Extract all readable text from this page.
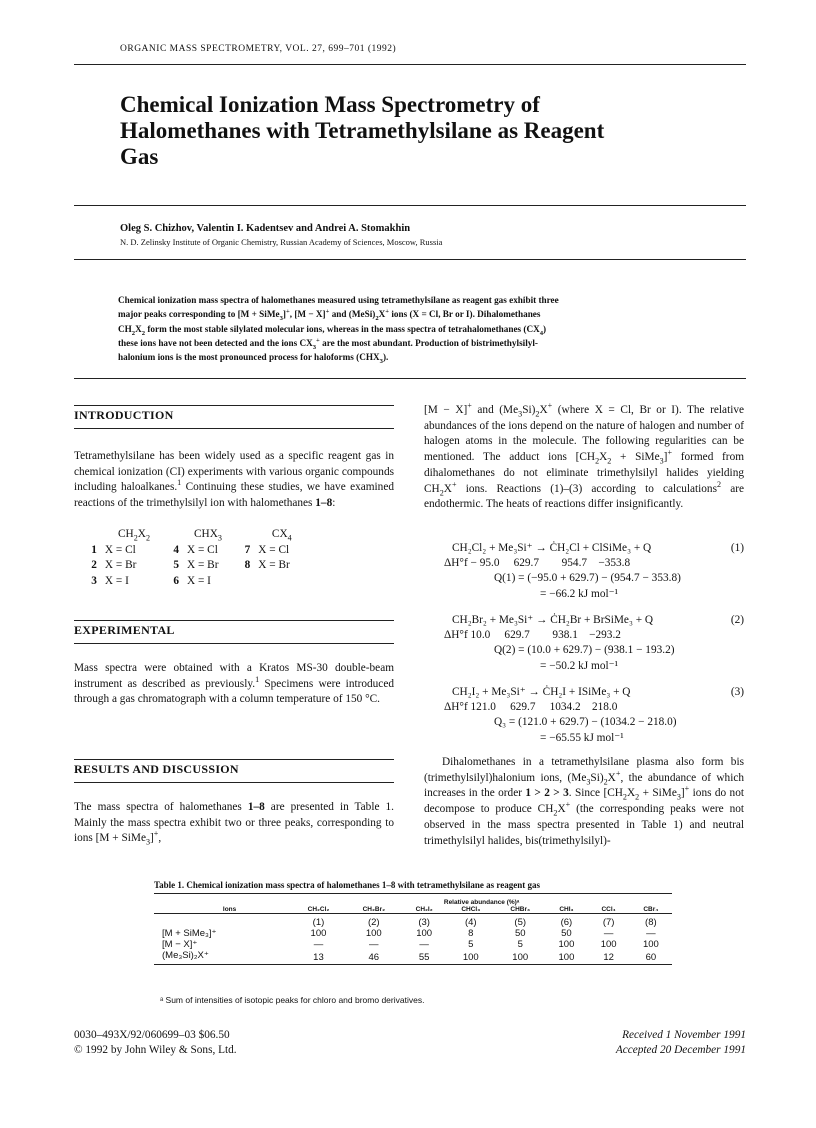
ORGANIC MASS SPECTROMETRY, VOL. 27, 699–701 (1992)
Chemical Ionization Mass Spectrometry of
Halomethanes with Tetramethylsilane as Reagent
Gas
Oleg S. Chizhov, Valentin I. Kadentsev and Andrei A. Stomakhin
N. D. Zelinsky Institute of Organic Chemistry, Russian Academy of Sciences, Moscow, Russia
Chemical ionization mass spectra of halomethanes measured using tetramethylsilane as reagent gas exhibit three
major peaks corresponding to [M + SiMe$_3$]+, [M − X]+ and $(MeSi)_2X^+$ ions (X = Cl, Br or I). Dihalomethanes
$CH_2X_2$ form the most stable silylated molecular ions, whereas in the mass spectra of tetrahalomethanes $(CX_4)$
these ions have not been detected and the ions $CX_3^+$ are the most abundant. Production of bistrimethylsilyl-
halonium ions is the most pronounced process for haloforms $(CHX_3)$.
INTRODUCTION

Tetramethylsilane has been widely used as a specific reagent gas in chemical ionization (CI) experiments with various organic compounds including haloalkanes.$^1$ Continuing these studies, we have examined reactions of the trimethylsilyl ion with halomethanes 1–8:

$CH_2X_2$			$CHX_3$			$CX_4$
1	X = Cl		4	X = Cl		7	X = Cl
2	X = Br		5	X = Br		8	X = Br
3	X = I		6	X = I			
EXPERIMENTAL

Mass spectra were obtained with a Kratos MS-30 double-beam instrument as described as previously.$^1$ Specimens were introduced through a gas chromatograph with a column temperature of 150 °C.

RESULTS AND DISCUSSION

The mass spectra of halomethanes 1–8 are presented in Table 1. Mainly the mass spectra exhibit two or three peaks, corresponding to ions [M + SiMe$_3$]+,

[M − X]+ and $(Me_3Si)_2X^+$ (where X = Cl, Br or I). The relative abundances of the ions depend on the nature of halogen and number of halogen atoms in the molecule. The following regularities can be mentioned. The adduct ions [$CH_2X_2$ + SiMe$_3$]+ formed from dihalomethanes do not eliminate trimethylsilyl halides yielding $CH_2X^+$ ions. Reactions (1)–(3) according to calculations$^2$ are endothermic. The heats of reactions differ insignificantly.

CH₂Cl₂ + Me₃Si⁺ → ĊH₂Cl + ClSiMe₃ + Q	(1)
ΔH°f − 95.0     629.7        954.7    −353.8
Q(1) = (−95.0 + 629.7) − (954.7 − 353.8)
= −66.2 kJ mol⁻¹
CH₂Br₂ + Me₃Si⁺ → ĊH₂Br + BrSiMe₃ + Q	(2)
ΔH°f 10.0     629.7        938.1    −293.2
Q(2) = (10.0 + 629.7) − (938.1 − 193.2)
= −50.2 kJ mol⁻¹
CH₂I₂ + Me₃Si⁺ → ĊH₂I + ISiMe₃ + Q	(3)
ΔH°f 121.0     629.7     1034.2    218.0
Q₃ = (121.0 + 629.7) − (1034.2 − 218.0)
= −65.55 kJ mol⁻¹

Dihalomethanes in a tetramethylsilane plasma also form bis (trimethylsilyl)halonium ions, $(Me_3Si)_2X^+$, the abundance of which increases in the order 1 > 2 > 3. Since [$CH_2X_2$ + SiMe$_3$]+ ions do not decompose to produce $CH_2X^+$ (the corresponding peaks were not observed in the mass spectra presented in Table 1) and neutral trimethylsilyl halides, bis(trimethylsilyl)-

Table 1. Chemical ionization mass spectra of halomethanes 1–8 with tetramethylsilane as reagent gas
	Relative abundance (%)ᵃ							
Ions	CH₂Cl₂	CH₂Br₂	CH₂I₂	CHCl₃	CHBr₃	CHI₃	CCl₄	CBr₄
	(1)	(2)	(3)	(4)	(5)	(6)	(7)	(8)
[M + SiMe₃]⁺	100	100	100	8	50	50	—	—
[M − X]⁺	—	—	—	5	5	100	100	100
(Me₃Si)₂X⁺	13	46	55	100	100	100	12	60
ᵃ Sum of intensities of isotopic peaks for chloro and bromo derivatives.
0030–493X/92/060699–03 $06.50
© 1992 by John Wiley & Sons, Ltd.
Received 1 November 1991
Accepted 20 December 1991
